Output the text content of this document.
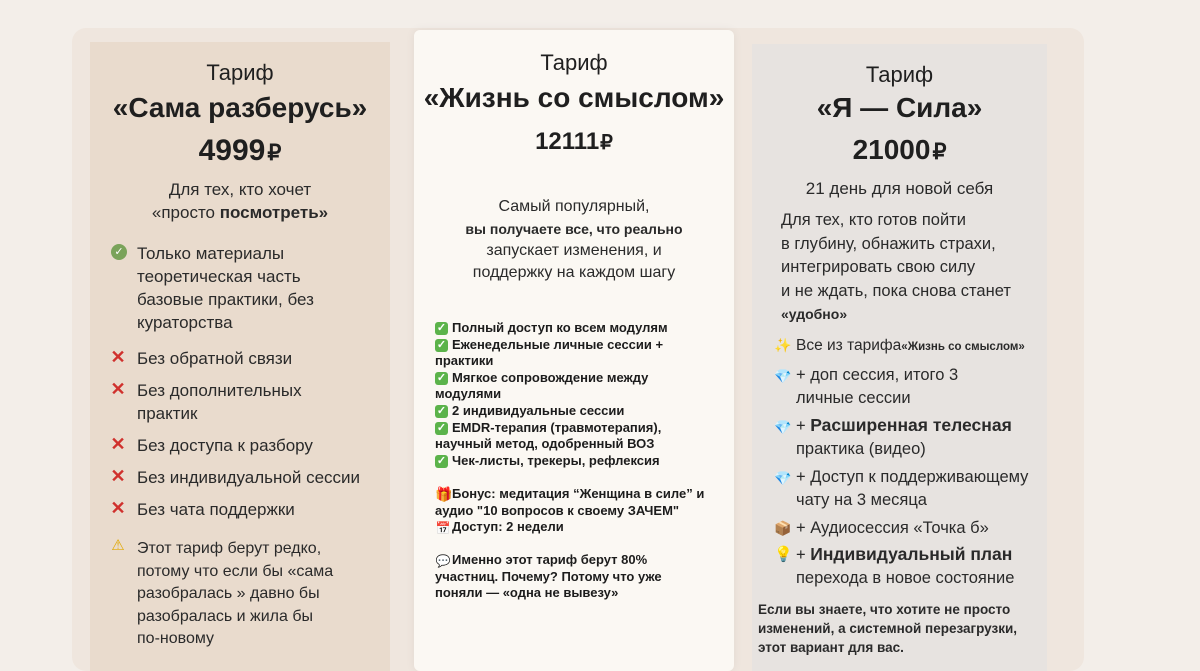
Тариф
«Сама разберусь»
4999₽
Для тех, кто хочет
«просто посмотреть»
✓ Только материалы
теоретическая часть
базовые практики, без
кураторства
✕ Без обратной связи
✕ Без дополнительных
практик
✕ Без доступа к разбору
✕ Без индивидуальной сессии
✕ Без чата поддержки
⚠ Этот тариф берут редко,
потому что если бы «сама
разобралась » давно бы
разобралась и жила бы
по-новому
Тариф
«Жизнь со смыслом»
12111₽
Самый популярный,
вы получаете все, что реально
запускает изменения, и
поддержку на каждом шагу
✓ Полный доступ ко всем модулям
✓ Еженедельные личные сессии +
практики
✓ Мягкое сопровождение между
модулями
✓ 2 индивидуальные сессии
✓ EMDR-терапия (травмотерапия),
научный метод, одобренный ВОЗ
✓ Чек-листы, трекеры, рефлексия
🎁 Бонус: медитация “Женщина в силе” и
аудио "10 вопросов к своему ЗАЧЕМ"
📅 Доступ: 2 недели
💬 Именно этот тариф берут 80%
участниц. Почему? Потому что уже
поняли — «одна не вывезу»
Тариф
«Я — Сила»
21000₽
21 день для новой себя
Для тех, кто готов пойти
в глубину, обнажить страхи,
интегрировать свою силу
и не ждать, пока снова станет
«удобно»
✨ Все из тарифа«Жизнь со смыслом»
💎 + доп сессия, итого 3
личные сессии
💎 + Расширенная телесная
практика (видео)
💎 + Доступ к поддерживающему
чату на 3 месяца
📦 + Аудиосессия «Точка б»
💡 + Индивидуальный план
перехода в новое состояние
Если вы знаете, что хотите не просто
изменений, а системной перезагрузки,
этот вариант для вас.
